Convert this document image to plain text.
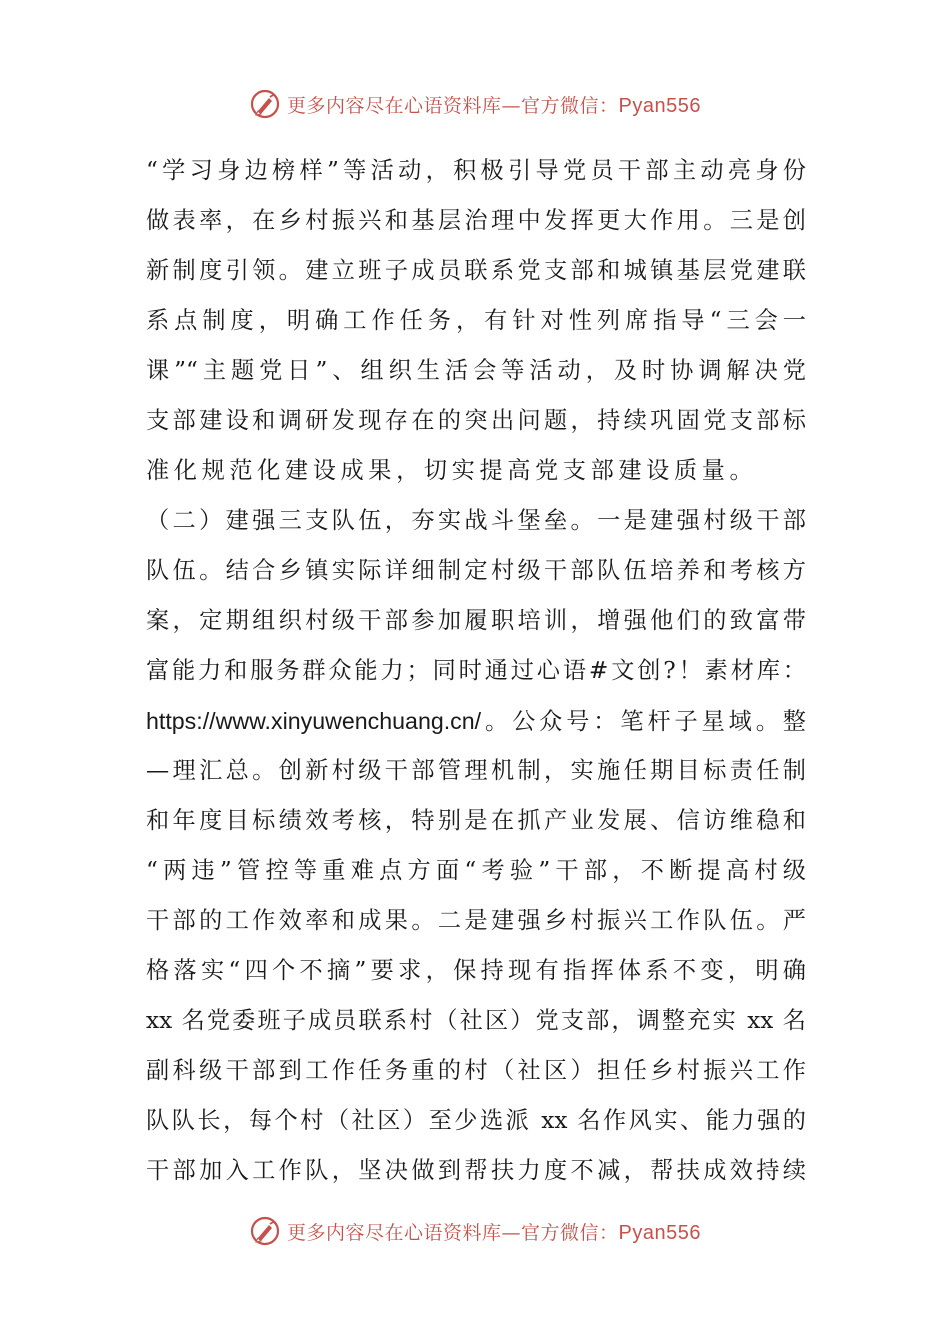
更多内容尽在心语资料库—官方微信：Pyan556
“学习身边榜样”等活动，积极引导党员干部主动亮身份
做表率，在乡村振兴和基层治理中发挥更大作用。三是创
新制度引领。建立班子成员联系党支部和城镇基层党建联
系点制度，明确工作任务，有针对性列席指导“三会一
课”“主题党日”、组织生活会等活动，及时协调解决党
支部建设和调研发现存在的突出问题，持续巩固党支部标
准化规范化建设成果，切实提高党支部建设质量。
（二）建强三支队伍，夯实战斗堡垒。一是建强村级干部
队伍。结合乡镇实际详细制定村级干部队伍培养和考核方
案，定期组织村级干部参加履职培训，增强他们的致富带
富能力和服务群众能力；同时通过心语#文创?！素材库：
https://www.xinyuwenchuang.cn/。公众号：笔杆子星域。整
—理汇总。创新村级干部管理机制，实施任期目标责任制
和年度目标绩效考核，特别是在抓产业发展、信访维稳和
“两违”管控等重难点方面“考验”干部，不断提高村级
干部的工作效率和成果。二是建强乡村振兴工作队伍。严
格落实“四个不摘”要求，保持现有指挥体系不变，明确
xx 名党委班子成员联系村（社区）党支部，调整充实 xx 名
副科级干部到工作任务重的村（社区）担任乡村振兴工作
队队长，每个村（社区）至少选派 xx 名作风实、能力强的
干部加入工作队，坚决做到帮扶力度不减，帮扶成效持续
更多内容尽在心语资料库—官方微信：Pyan556
